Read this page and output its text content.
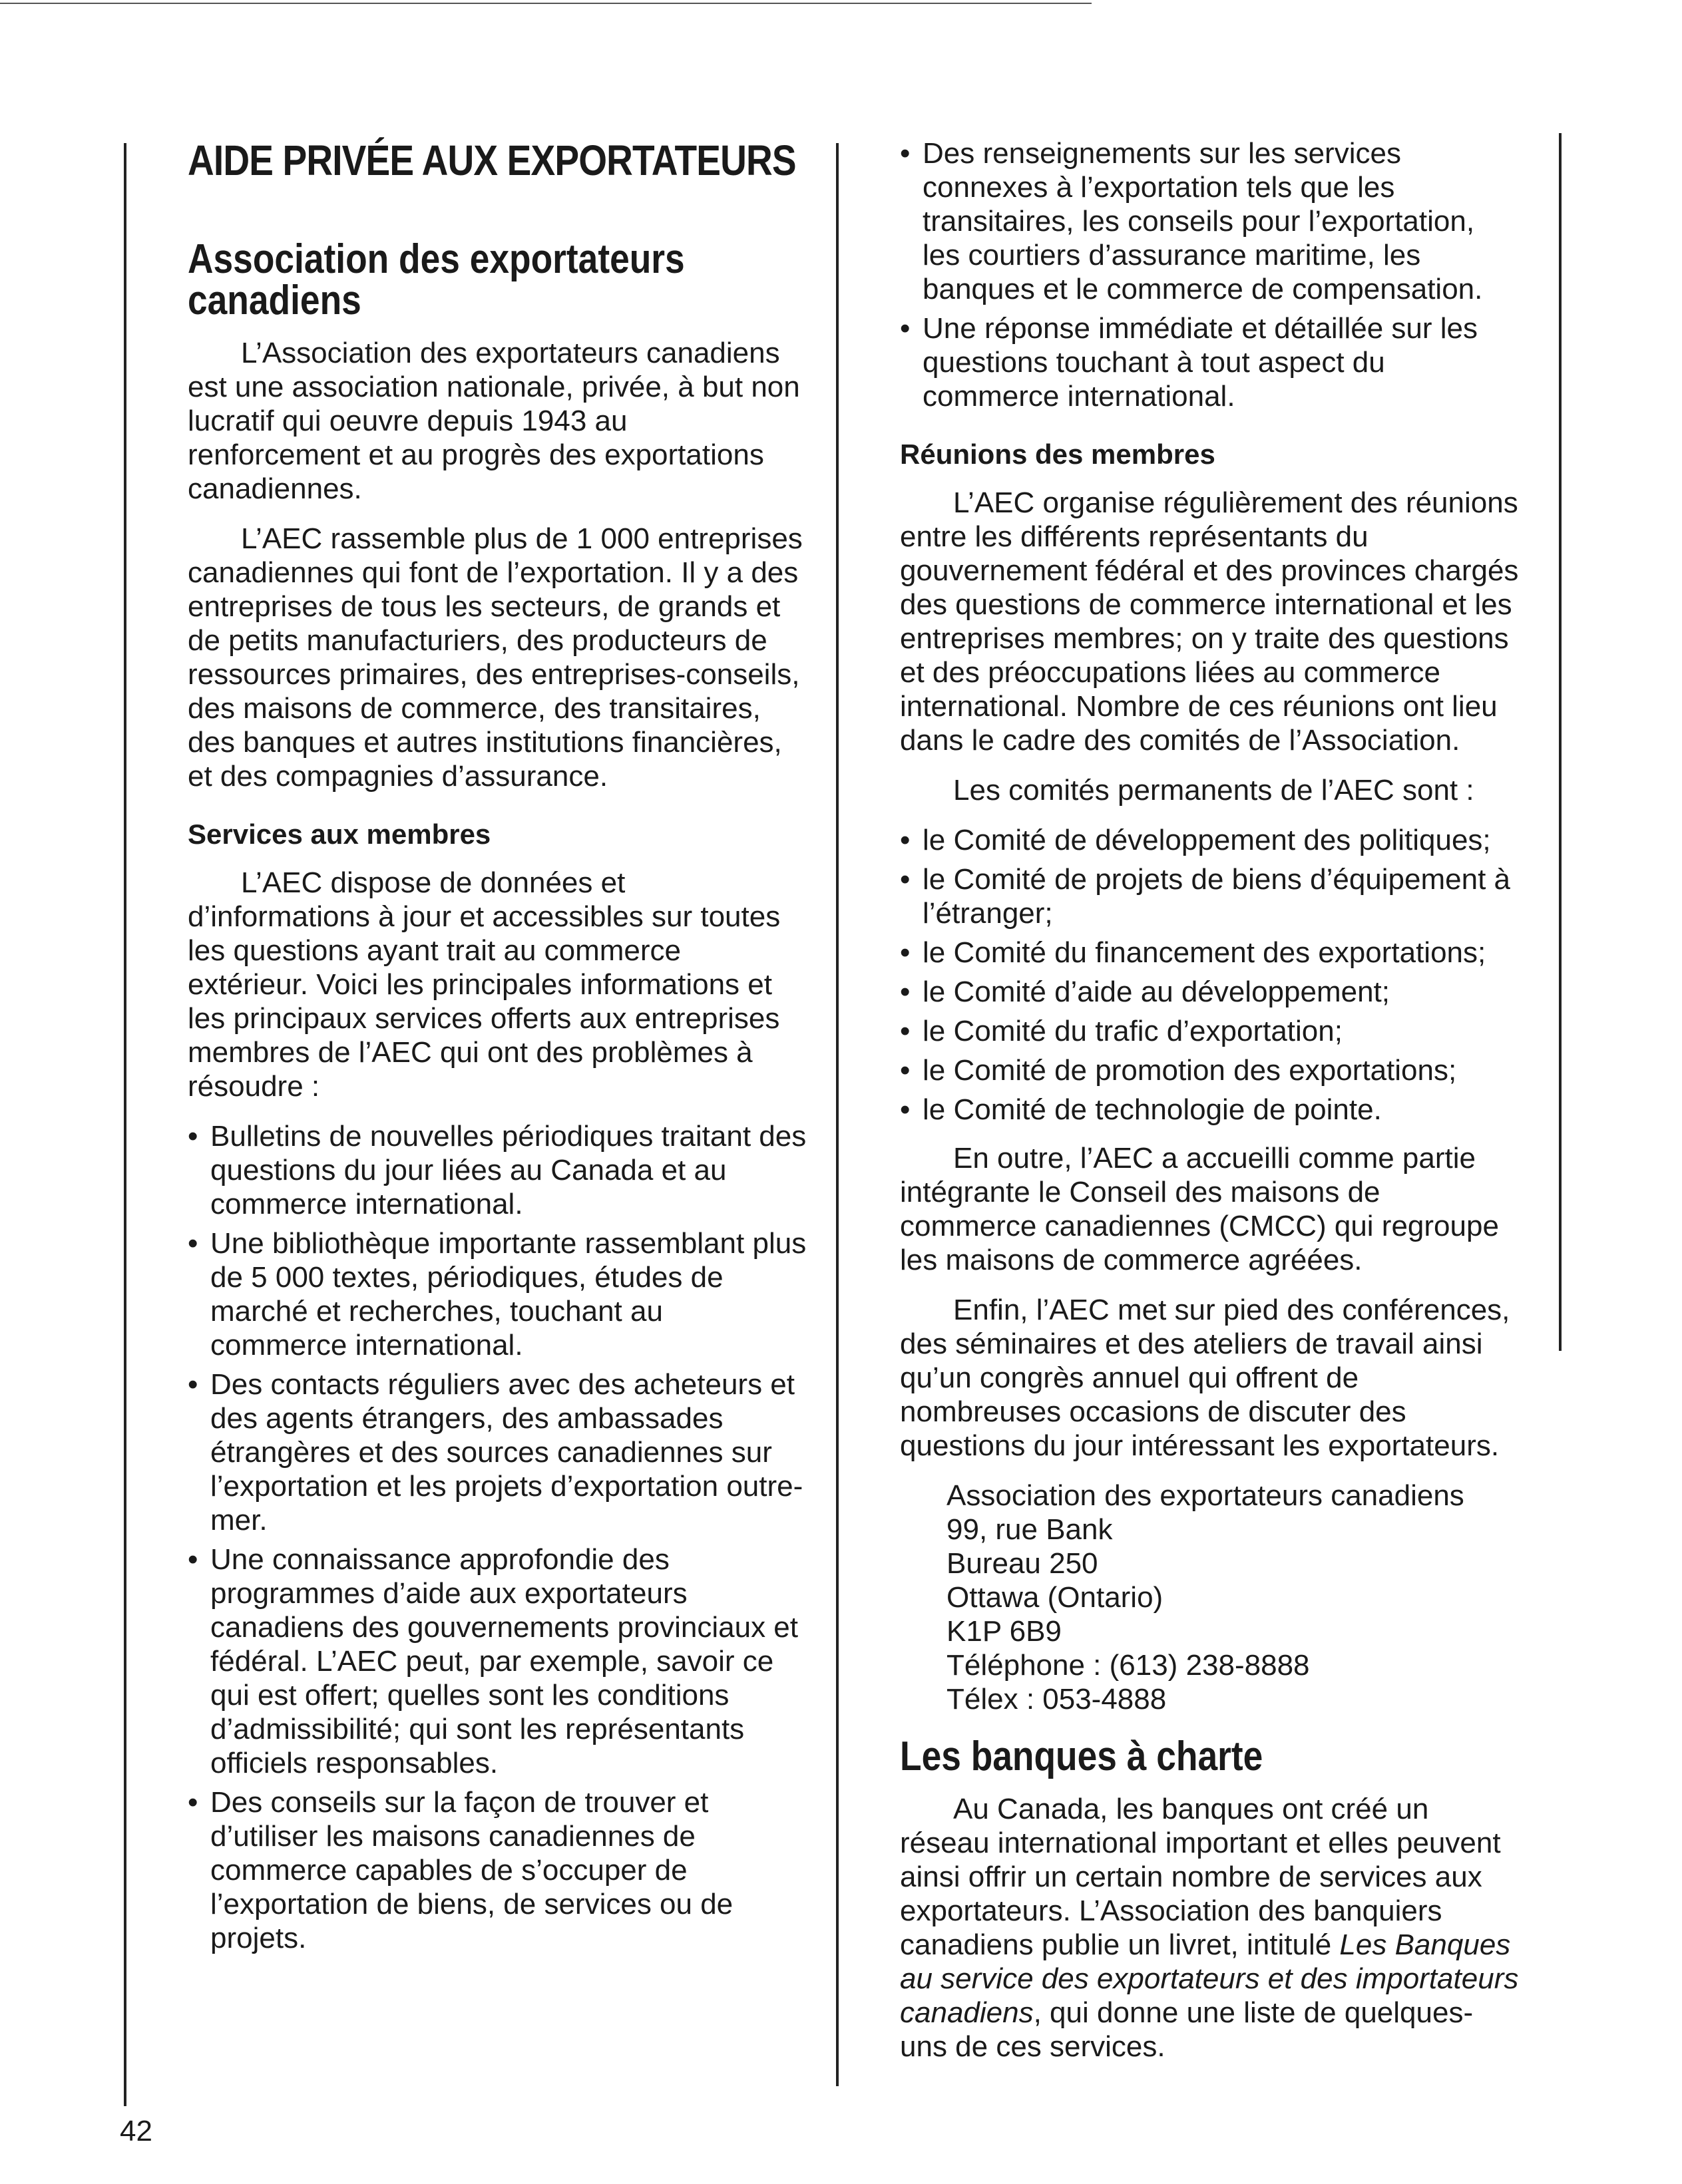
AIDE PRIVÉE AUX EXPORTATEURS
Association des exportateurs canadiens

L’Association des exportateurs canadiens est une association nationale, privée, à but non lucratif qui oeuvre depuis 1943 au renforcement et au progrès des exportations canadiennes.

L’AEC rassemble plus de 1 000 entreprises canadiennes qui font de l’exportation. Il y a des entreprises de tous les secteurs, de grands et de petits manufacturiers, des producteurs de ressources primaires, des entreprises-conseils, des maisons de commerce, des transitaires, des banques et autres institutions financières, et des compagnies d’assurance.

Services aux membres

L’AEC dispose de données et d’informations à jour et accessibles sur toutes les questions ayant trait au commerce extérieur. Voici les principales informations et les principaux services offerts aux entreprises membres de l’AEC qui ont des problèmes à résoudre :

• Bulletins de nouvelles périodiques traitant des questions du jour liées au Canada et au commerce international.
• Une bibliothèque importante rassemblant plus de 5 000 textes, périodiques, études de marché et recherches, touchant au commerce international.
• Des contacts réguliers avec des acheteurs et des agents étrangers, des ambassades étrangères et des sources canadiennes sur l’exportation et les projets d’exportation outre-mer.
• Une connaissance approfondie des programmes d’aide aux exportateurs canadiens des gouvernements provinciaux et fédéral. L’AEC peut, par exemple, savoir ce qui est offert; quelles sont les conditions d’admissibilité; qui sont les représentants officiels responsables.
• Des conseils sur la façon de trouver et d’utiliser les maisons canadiennes de commerce capables de s’occuper de l’exportation de biens, de services ou de projets.
• Des renseignements sur les services connexes à l’exportation tels que les transitaires, les conseils pour l’exportation, les courtiers d’assurance maritime, les banques et le commerce de compensation.
• Une réponse immédiate et détaillée sur les questions touchant à tout aspect du commerce international.
Réunions des membres

L’AEC organise régulièrement des réunions entre les différents représentants du gouvernement fédéral et des provinces chargés des questions de commerce international et les entreprises membres; on y traite des questions et des préoccupations liées au commerce international. Nombre de ces réunions ont lieu dans le cadre des comités de l’Association.

Les comités permanents de l’AEC sont :

• le Comité de développement des politiques;
• le Comité de projets de biens d’équipement à l’étranger;
• le Comité du financement des exportations;
• le Comité d’aide au développement;
• le Comité du trafic d’exportation;
• le Comité de promotion des exportations;
• le Comité de technologie de pointe.

En outre, l’AEC a accueilli comme partie intégrante le Conseil des maisons de commerce canadiennes (CMCC) qui regroupe les maisons de commerce agréées.

Enfin, l’AEC met sur pied des conférences, des séminaires et des ateliers de travail ainsi qu’un congrès annuel qui offrent de nombreuses occasions de discuter des questions du jour intéressant les exportateurs.

Association des exportateurs canadiens
99, rue Bank
Bureau 250
Ottawa (Ontario)
K1P 6B9
Téléphone : (613) 238-8888
Télex : 053-4888
Les banques à charte

Au Canada, les banques ont créé un réseau international important et elles peuvent ainsi offrir un certain nombre de services aux exportateurs. L’Association des banquiers canadiens publie un livret, intitulé Les Banques au service des exportateurs et des importateurs canadiens, qui donne une liste de quelques-uns de ces services.

42
